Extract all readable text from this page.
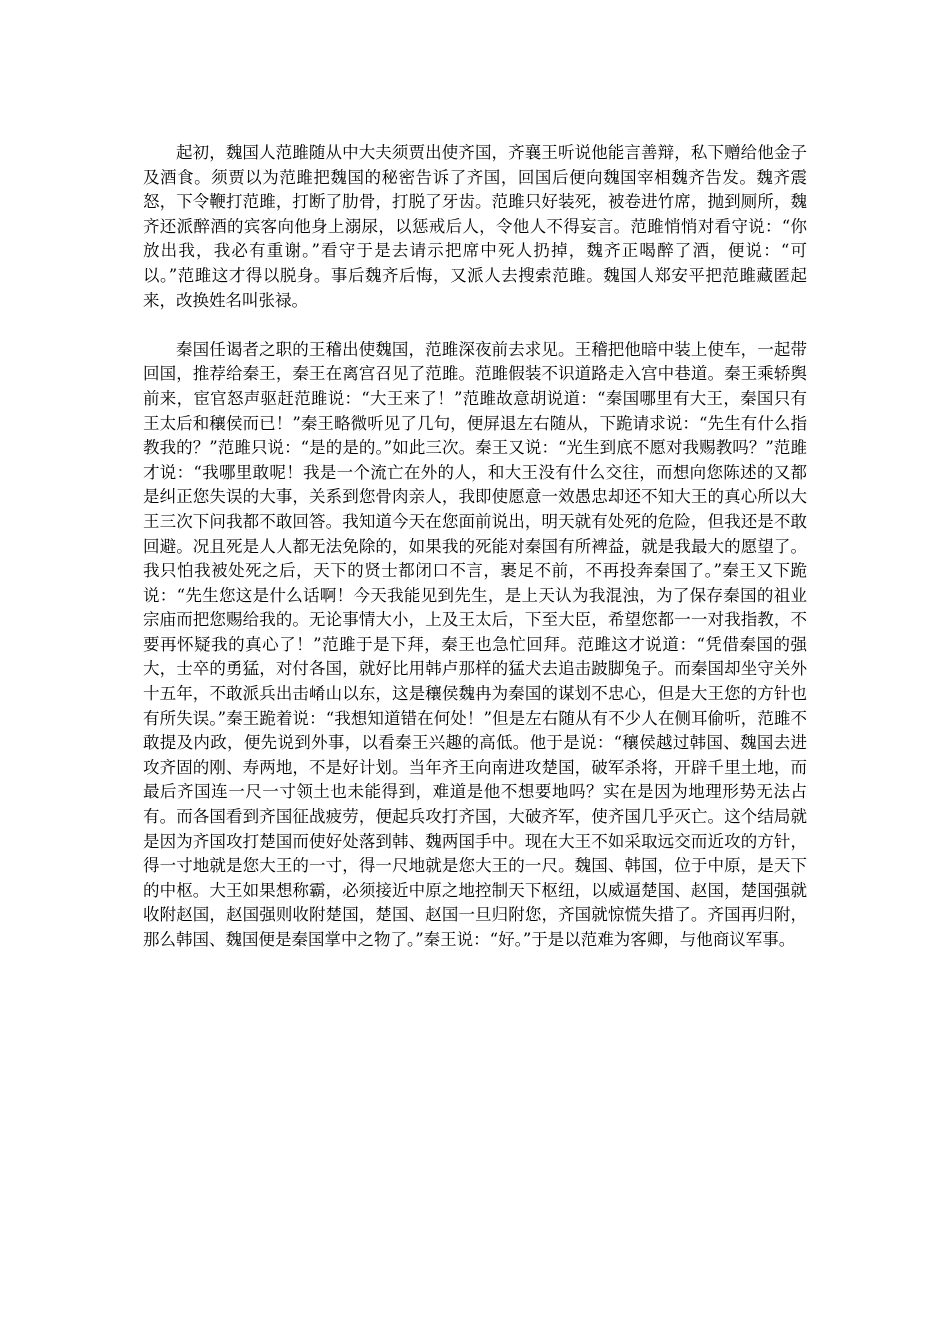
起初，魏国人范雎随从中大夫须贾出使齐国，齐襄王听说他能言善辩，私下赠给他金子及酒食。须贾以为范雎把魏国的秘密告诉了齐国，回国后便向魏国宰相魏齐告发。魏齐震怒，下令鞭打范雎，打断了肋骨，打脱了牙齿。范雎只好装死，被卷进竹席，抛到厕所，魏齐还派醉酒的宾客向他身上溺尿，以惩戒后人，令他人不得妄言。范雎悄悄对看守说：“你放出我，我必有重谢。”看守于是去请示把席中死人扔掉，魏齐正喝醉了酒，便说：“可以。”范雎这才得以脱身。事后魏齐后悔，又派人去搜索范雎。魏国人郑安平把范雎藏匿起来，改换姓名叫张禄。

秦国任谒者之职的王稽出使魏国，范雎深夜前去求见。王稽把他暗中装上使车，一起带回国，推荐给秦王，秦王在离宫召见了范雎。范雎假装不识道路走入宫中巷道。秦王乘轿舆前来，宦官怒声驱赶范雎说：“大王来了！”范雎故意胡说道：“秦国哪里有大王，秦国只有王太后和穰侯而已！”秦王略微听见了几句，便屏退左右随从，下跪请求说：“先生有什么指教我的？”范雎只说：“是的是的。”如此三次。秦王又说：“光生到底不愿对我赐教吗？”范雎才说：“我哪里敢呢！我是一个流亡在外的人，和大王没有什么交往，而想向您陈述的又都是纠正您失误的大事，关系到您骨肉亲人，我即使愿意一效愚忠却还不知大王的真心所以大王三次下问我都不敢回答。我知道今天在您面前说出，明天就有处死的危险，但我还是不敢回避。况且死是人人都无法免除的，如果我的死能对秦国有所裨益，就是我最大的愿望了。我只怕我被处死之后，天下的贤士都闭口不言，裹足不前，不再投奔秦国了。”秦王又下跪说：“先生您这是什么话啊！今天我能见到先生，是上天认为我混浊，为了保存秦国的祖业宗庙而把您赐给我的。无论事情大小，上及王太后，下至大臣，希望您都一一对我指教，不要再怀疑我的真心了！”范雎于是下拜，秦王也急忙回拜。范雎这才说道：“凭借秦国的强大，士卒的勇猛，对付各国，就好比用韩卢那样的猛犬去追击跛脚兔子。而秦国却坐守关外十五年，不敢派兵出击崤山以东，这是穰侯魏冉为秦国的谋划不忠心，但是大王您的方针也有所失误。”秦王跪着说：“我想知道错在何处！”但是左右随从有不少人在侧耳偷听，范雎不敢提及内政，便先说到外事，以看秦王兴趣的高低。他于是说：“穰侯越过韩国、魏国去进攻齐固的刚、寿两地，不是好计划。当年齐王向南进攻楚国，破军杀将，开辟千里土地，而最后齐国连一尺一寸领土也未能得到，难道是他不想要地吗？实在是因为地理形势无法占有。而各国看到齐国征战疲劳，便起兵攻打齐国，大破齐军，使齐国几乎灭亡。这个结局就是因为齐国攻打楚国而使好处落到韩、魏两国手中。现在大王不如采取远交而近攻的方针，得一寸地就是您大王的一寸，得一尺地就是您大王的一尺。魏国、韩国，位于中原，是天下的中枢。大王如果想称霸，必须接近中原之地控制天下枢纽，以威逼楚国、赵国，楚国强就收附赵国，赵国强则收附楚国，楚国、赵国一旦归附您，齐国就惊慌失措了。齐国再归附，那么韩国、魏国便是秦国掌中之物了。”秦王说：“好。”于是以范难为客卿，与他商议军事。
